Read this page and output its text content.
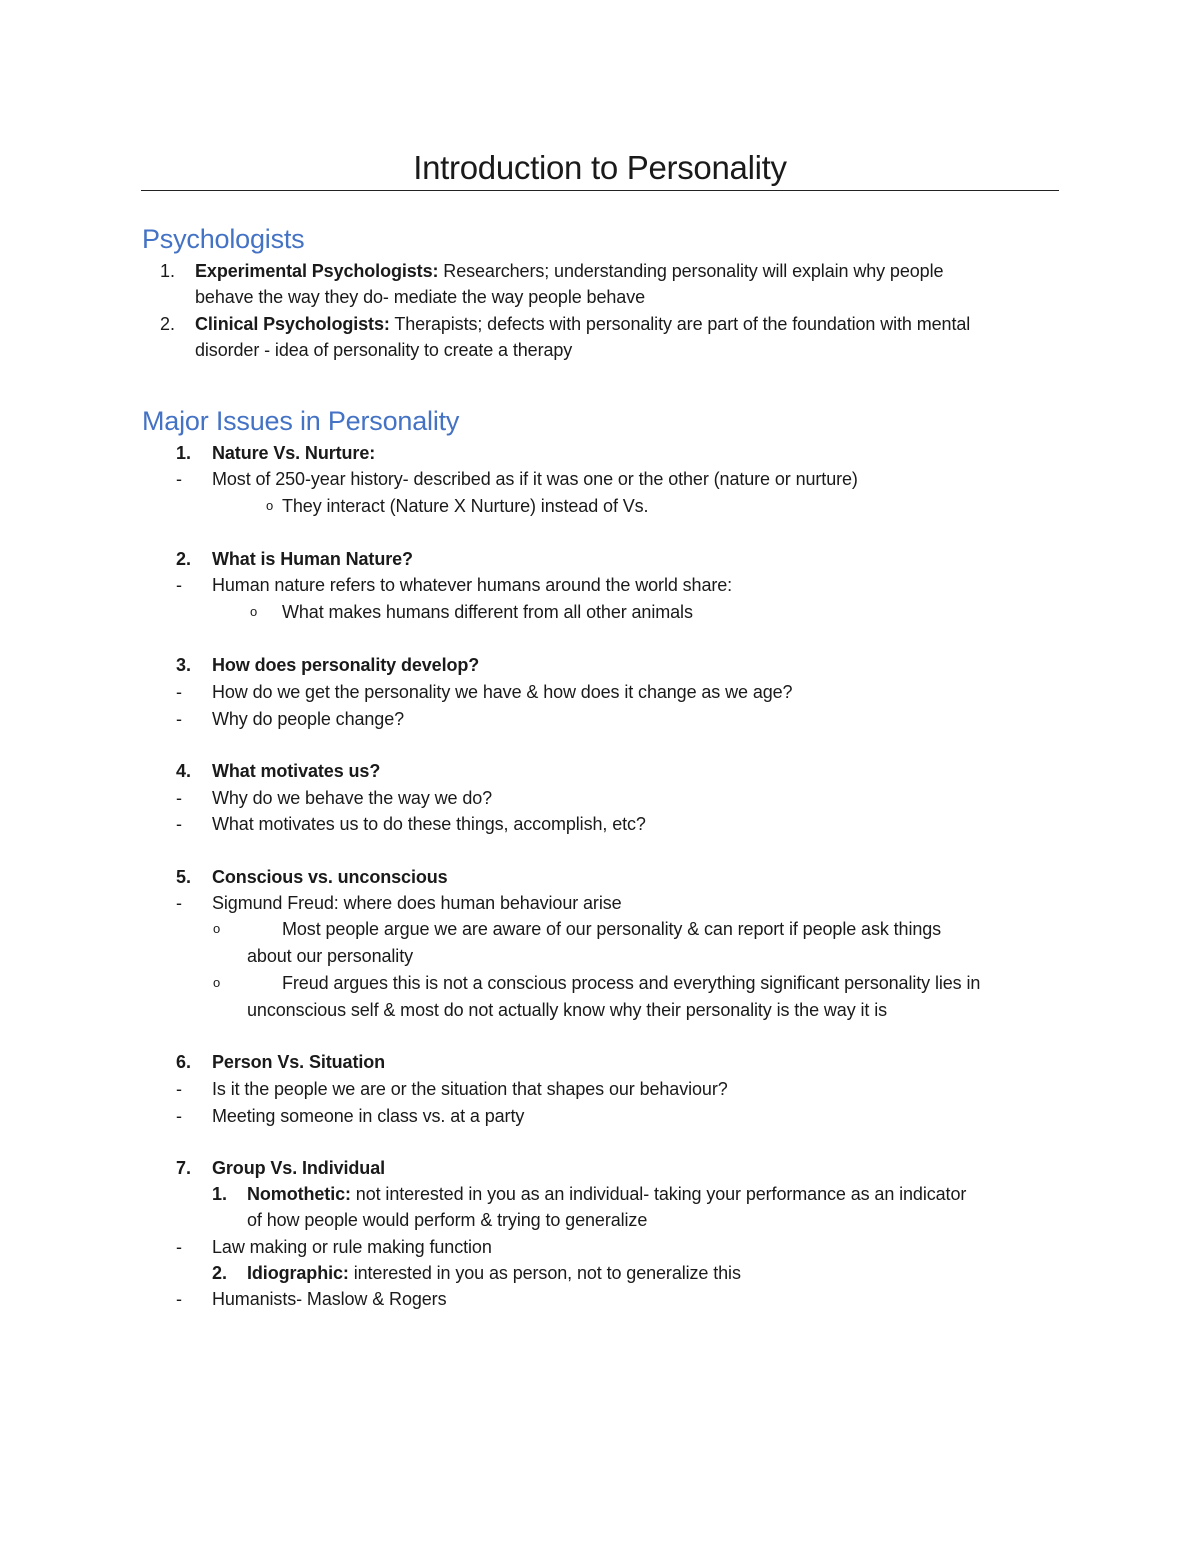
Introduction to Personality
Psychologists
1. Experimental Psychologists: Researchers; understanding personality will explain why people
behave the way they do- mediate the way people behave
2. Clinical Psychologists: Therapists; defects with personality are part of the foundation with mental
disorder - idea of personality to create a therapy
Major Issues in Personality
1. Nature Vs. Nurture:
- Most of 250-year history- described as if it was one or the other (nature or nurture)
o They interact (Nature X Nurture) instead of Vs.
2. What is Human Nature?
- Human nature refers to whatever humans around the world share:
o What makes humans different from all other animals
3. How does personality develop?
- How do we get the personality we have & how does it change as we age?
- Why do people change?
4. What motivates us?
- Why do we behave the way we do?
- What motivates us to do these things, accomplish, etc?
5. Conscious vs. unconscious
- Sigmund Freud: where does human behaviour arise
o	Most people argue we are aware of our personality & can report if people ask things
about our personality
o	Freud argues this is not a conscious process and everything significant personality lies in
unconscious self & most do not actually know why their personality is the way it is
6. Person Vs. Situation
- Is it the people we are or the situation that shapes our behaviour?
- Meeting someone in class vs. at a party
7. Group Vs. Individual
1. Nomothetic: not interested in you as an individual- taking your performance as an indicator
of how people would perform & trying to generalize
- Law making or rule making function
2. Idiographic: interested in you as person, not to generalize this
- Humanists- Maslow & Rogers
